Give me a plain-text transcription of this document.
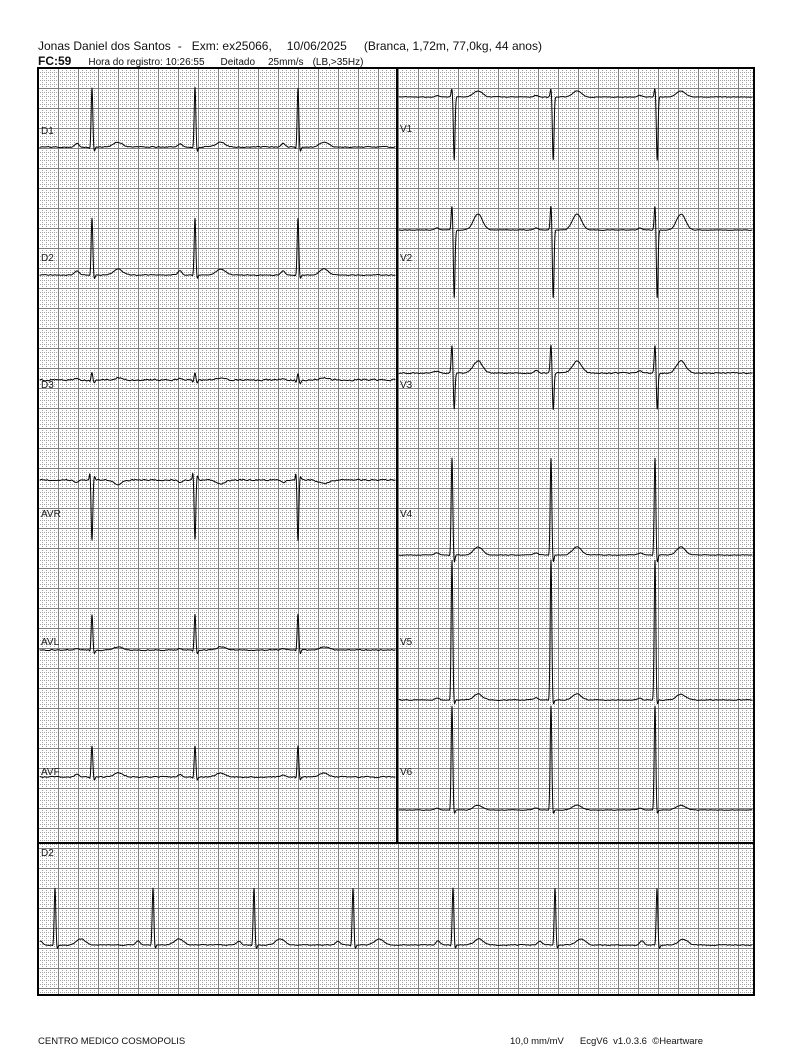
D1
D2
D3
AVR
AVL
AVF
V1
V2
V3
V4
V5
V6
D2
Jonas Daniel dos Santos - Exm: ex25066, 10/06/2025 (Branca, 1,72m, 77,0kg, 44 anos)
FC:59 Hora do registro: 10:26:55 Deitado 25mm/s (LB,>35Hz)
CENTRO MEDICO COSMOPOLIS	10,0 mm/mV EcgV6  v1.0.3.6  ©Heartware
